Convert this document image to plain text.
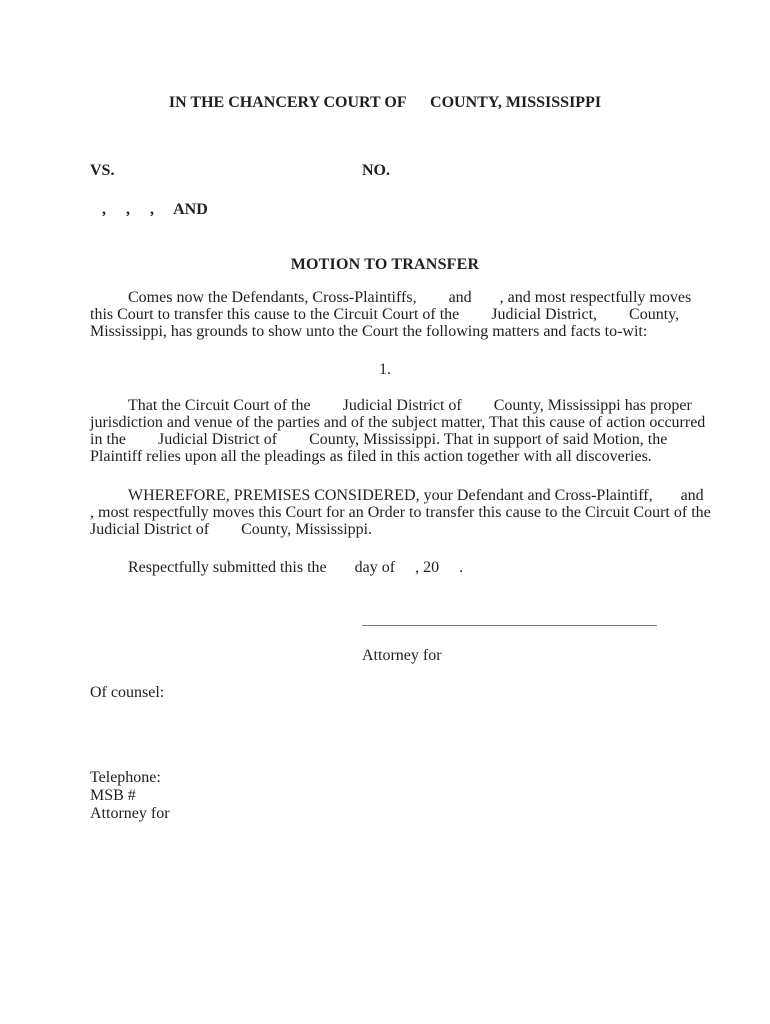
IN THE CHANCERY COURT OF      COUNTY, MISSISSIPPI
VS.	NO.
,     ,     ,     AND
MOTION TO TRANSFER
Comes now the Defendants, Cross-Plaintiffs,        and       , and most respectfully moves
this Court to transfer this cause to the Circuit Court of the        Judicial District,        County,
Mississippi, has grounds to show unto the Court the following matters and facts to-wit:
1.
That the Circuit Court of the        Judicial District of        County, Mississippi has proper
jurisdiction and venue of the parties and of the subject matter, That this cause of action occurred
in the        Judicial District of        County, Mississippi. That in support of said Motion, the
Plaintiff relies upon all the pleadings as filed in this action together with all discoveries.
WHEREFORE, PREMISES CONSIDERED, your Defendant and Cross-Plaintiff,       and
, most respectfully moves this Court for an Order to transfer this cause to the Circuit Court of the
Judicial District of        County, Mississippi.
Respectfully submitted this the       day of     , 20     .
Attorney for
Of counsel:
Telephone:
MSB #
Attorney for
